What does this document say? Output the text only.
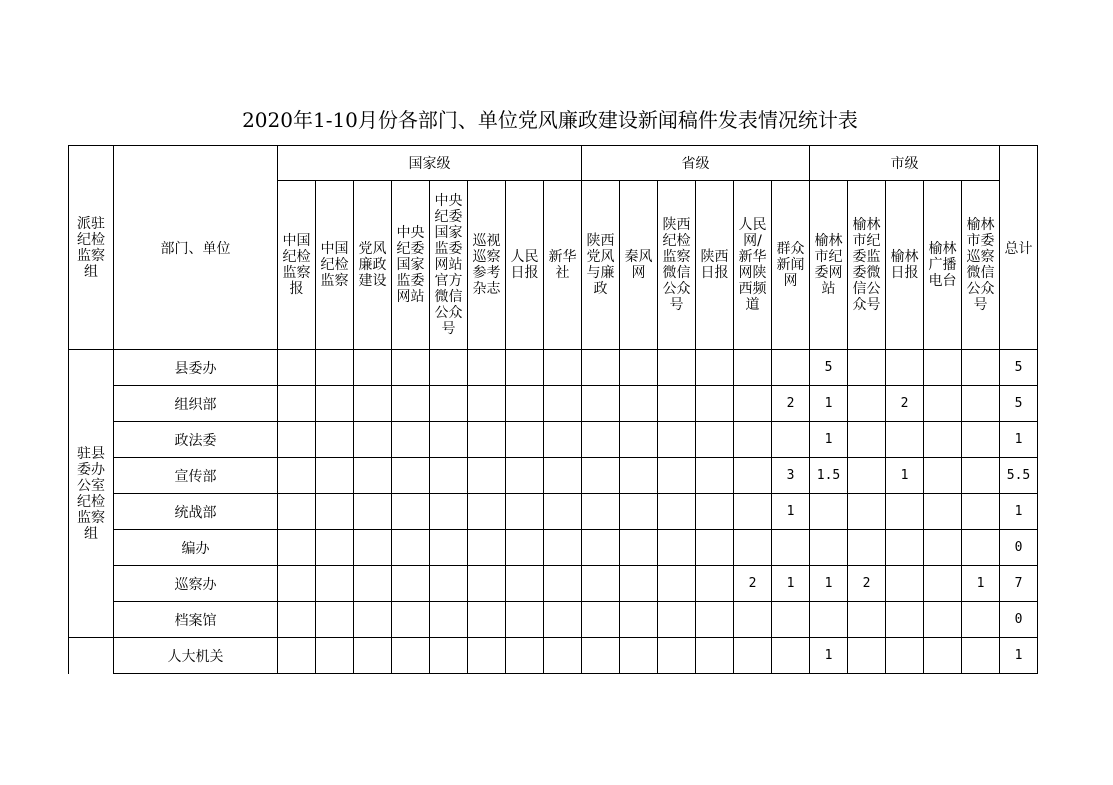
2020年1-10月份各部门、单位党风廉政建设新闻稿件发表情况统计表
派驻纪检监察组	部门、单位	国家级								省级						市级					总计
		中国纪检监察报	中国纪检监察	党风廉政建设	中央纪委国家监委网站	中央纪委国家监委网站官方微信公众号	巡视巡察参考杂志	人民日报	新华社	陕西党风与廉政	秦风网	陕西纪检监察微信公众号	陕西日报	人民网/新华网陕西频道	群众新闻网	榆林市纪委网站	榆林市纪委监委微信公众号	榆林日报	榆林广播电台	榆林市委巡察微信公众号	
驻县委办公室纪检监察组	县委办															5					5
	组织部														2	1		2			5
	政法委															1					1
	宣传部														3	1.5		1			5.5
	统战部														1						1
	编办																				0
	巡察办													2	1	1	2			1	7
	档案馆																				0
	人大机关															1					1
